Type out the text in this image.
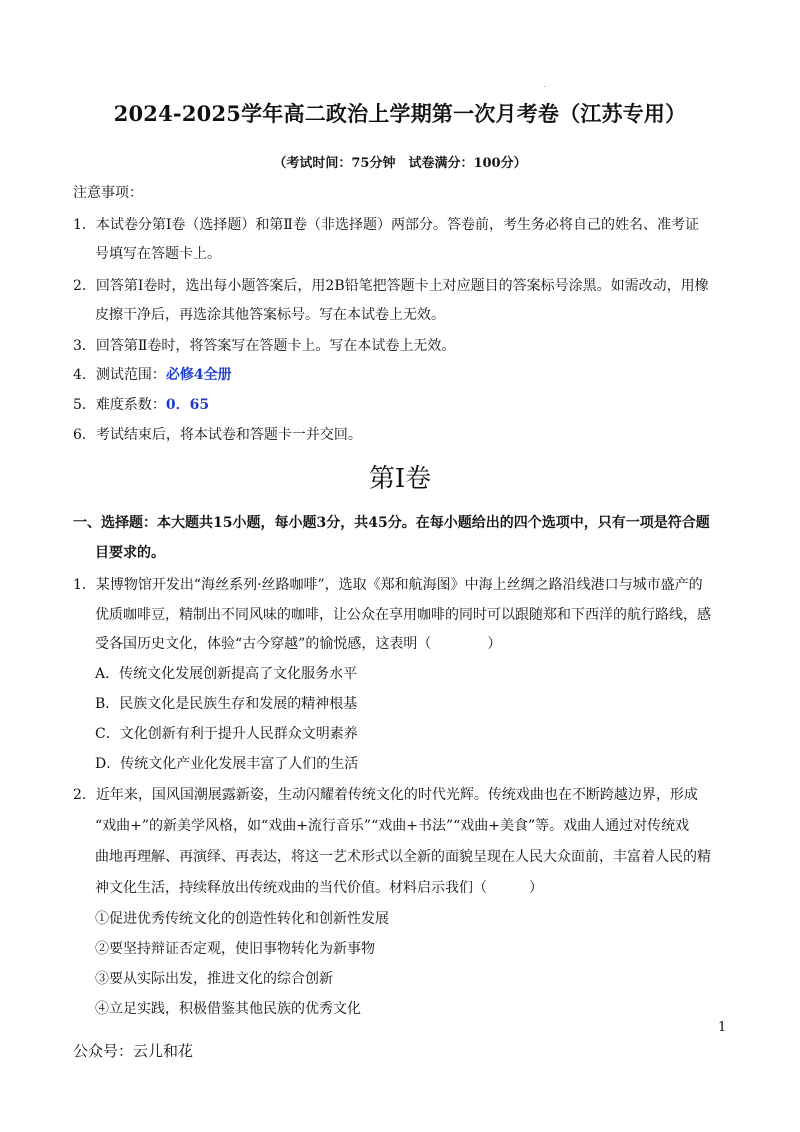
.
2024-2025学年高二政治上学期第一次月考卷（江苏专用）
（考试时间：75分钟　试卷满分：100分）
注意事项：
1．本试卷分第Ⅰ卷（选择题）和第Ⅱ卷（非选择题）两部分。答卷前，考生务必将自己的姓名、准考证
号填写在答题卡上。
2．回答第Ⅰ卷时，选出每小题答案后，用2B铅笔把答题卡上对应题目的答案标号涂黑。如需改动，用橡
皮擦干净后，再选涂其他答案标号。写在本试卷上无效。
3．回答第Ⅱ卷时，将答案写在答题卡上。写在本试卷上无效。
4．测试范围：必修4全册
5．难度系数：0．65
6．考试结束后，将本试卷和答题卡一并交回。
第Ⅰ卷
一、选择题：本大题共15小题，每小题3分，共45分。在每小题给出的四个选项中，只有一项是符合题
目要求的。
1．某博物馆开发出“海丝系列·丝路咖啡”，选取《郑和航海图》中海上丝绸之路沿线港口与城市盛产的
优质咖啡豆，精制出不同风味的咖啡，让公众在享用咖啡的同时可以跟随郑和下西洋的航行路线，感
受各国历史文化，体验“古今穿越”的愉悦感，这表明（　　　　）
A．传统文化发展创新提高了文化服务水平
B．民族文化是民族生存和发展的精神根基
C．文化创新有利于提升人民群众文明素养
D．传统文化产业化发展丰富了人们的生活
2．近年来，国风国潮展露新姿，生动闪耀着传统文化的时代光辉。传统戏曲也在不断跨越边界，形成
“戏曲+”的新美学风格，如“戏曲+流行音乐”“戏曲+书法”“戏曲+美食”等。戏曲人通过对传统戏
曲地再理解、再演绎、再表达，将这一艺术形式以全新的面貌呈现在人民大众面前，丰富着人民的精
神文化生活，持续释放出传统戏曲的当代价值。材料启示我们（　　　）
①促进优秀传统文化的创造性转化和创新性发展
②要坚持辩证否定观，使旧事物转化为新事物
③要从实际出发，推进文化的综合创新
④立足实践，积极借鉴其他民族的优秀文化
1
公众号：云儿和花
